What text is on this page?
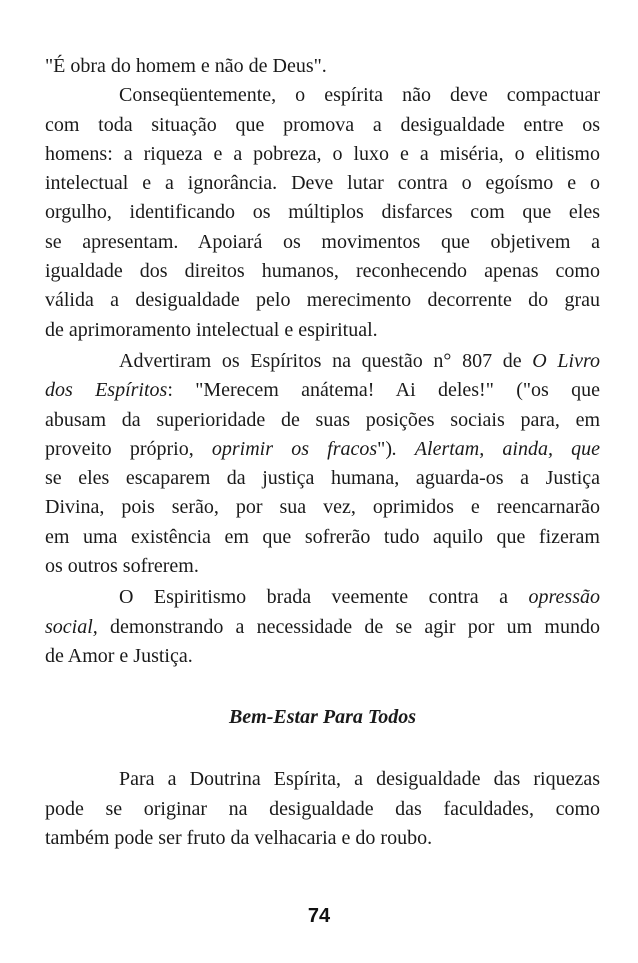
"É obra do homem e não de Deus".
Conseqüentemente, o espírita não deve compactuar
com toda situação que promova a desigualdade entre os
homens: a riqueza e a pobreza, o luxo e a miséria, o elitismo
intelectual e a ignorância. Deve lutar contra o egoísmo e o
orgulho, identificando os múltiplos disfarces com que eles
se apresentam. Apoiará os movimentos que objetivem a
igualdade dos direitos humanos, reconhecendo apenas como
válida a desigualdade pelo merecimento decorrente do grau
de aprimoramento intelectual e espiritual.
Advertiram os Espíritos na questão n° 807 de O Livro
dos Espíritos: "Merecem anátema! Ai deles!" ("os que
abusam da superioridade de suas posições sociais para, em
proveito próprio, oprimir os fracos"). Alertam, ainda, que
se eles escaparem da justiça humana, aguarda-os a Justiça
Divina, pois serão, por sua vez, oprimidos e reencarnarão
em uma existência em que sofrerão tudo aquilo que fizeram
os outros sofrerem.
O Espiritismo brada veemente contra a opressão
social, demonstrando a necessidade de se agir por um mundo
de Amor e Justiça.
Bem-Estar Para Todos
Para a Doutrina Espírita, a desigualdade das riquezas
pode se originar na desigualdade das faculdades, como
também pode ser fruto da velhacaria e do roubo.
74
